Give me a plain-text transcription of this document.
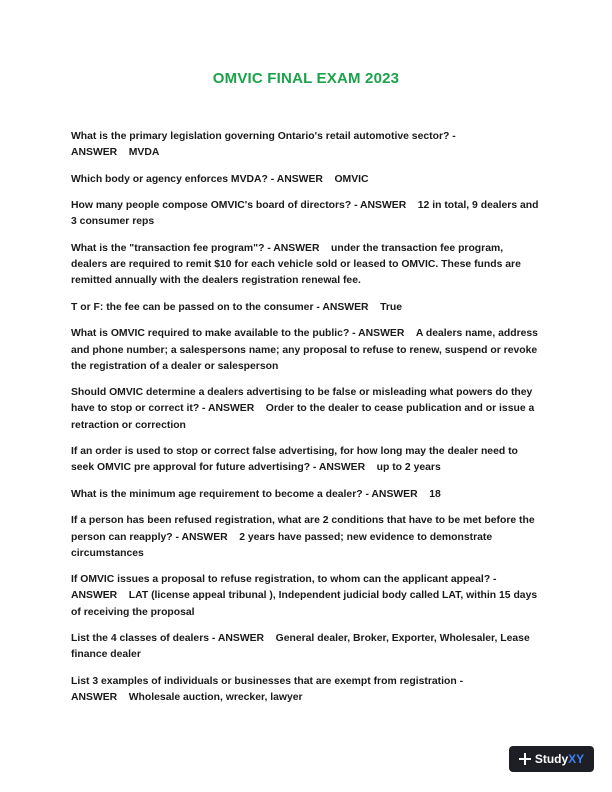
OMVIC FINAL EXAM 2023
What is the primary legislation governing Ontario's retail automotive sector? - ANSWER MVDA
Which body or agency enforces MVDA? - ANSWER OMVIC
How many people compose OMVIC's board of directors? - ANSWER 12 in total, 9 dealers and 3 consumer reps
What is the "transaction fee program"? - ANSWER under the transaction fee program, dealers are required to remit $10 for each vehicle sold or leased to OMVIC. These funds are remitted annually with the dealers registration renewal fee.
T or F: the fee can be passed on to the consumer - ANSWER True
What is OMVIC required to make available to the public? - ANSWER A dealers name, address and phone number; a salespersons name; any proposal to refuse to renew, suspend or revoke the registration of a dealer or salesperson
Should OMVIC determine a dealers advertising to be false or misleading what powers do they have to stop or correct it? - ANSWER Order to the dealer to cease publication and or issue a retraction or correction
If an order is used to stop or correct false advertising, for how long may the dealer need to seek OMVIC pre approval for future advertising? - ANSWER up to 2 years
What is the minimum age requirement to become a dealer? - ANSWER 18
If a person has been refused registration, what are 2 conditions that have to be met before the person can reapply? - ANSWER 2 years have passed; new evidence to demonstrate circumstances
If OMVIC issues a proposal to refuse registration, to whom can the applicant appeal? - ANSWER LAT (license appeal tribunal ), Independent judicial body called LAT, within 15 days of receiving the proposal
List the 4 classes of dealers - ANSWER General dealer, Broker, Exporter, Wholesaler, Lease finance dealer
List 3 examples of individuals or businesses that are exempt from registration - ANSWER Wholesale auction, wrecker, lawyer
StudyXY
